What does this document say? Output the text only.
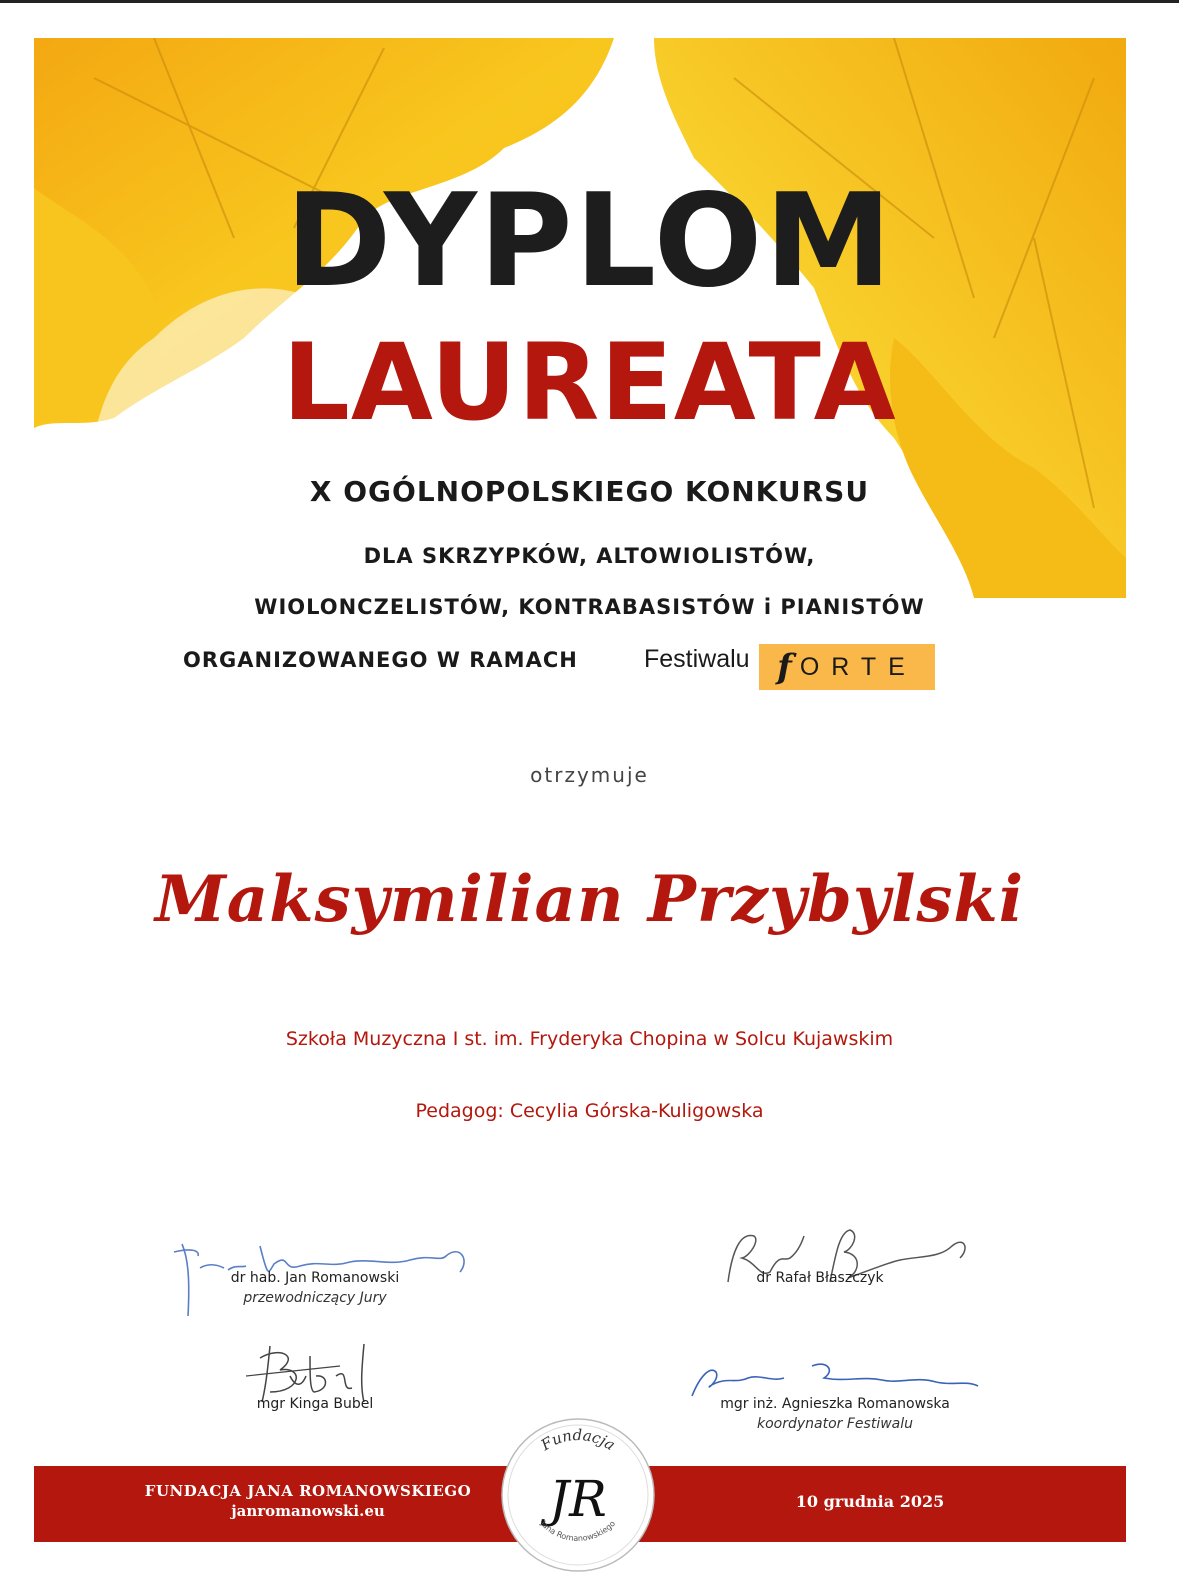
DYPLOM
LAUREATA
X OGÓLNOPOLSKIEGO KONKURSU
DLA SKRZYPKÓW, ALTOWIOLISTÓW,
WIOLONCZELISTÓW, KONTRABASISTÓW i PIANISTÓW
ORGANIZOWANEGO W RAMACH	Festiwalu f ORTE
otrzymuje
Maksymilian Przybylski
Szkoła Muzyczna I st. im. Fryderyka Chopina w Solcu Kujawskim
Pedagog: Cecylia Górska-Kuligowska
dr hab. Jan Romanowski
przewodniczący Jury
dr Rafał Błaszczyk
mgr Kinga Bubel	mgr inż. Agnieszka Romanowska
koordynator Festiwalu
FUNDACJA JANA ROMANOWSKIEGO
janromanowski.eu	10 grudnia 2025
Fundacja
JR
Jana Romanowskiego
